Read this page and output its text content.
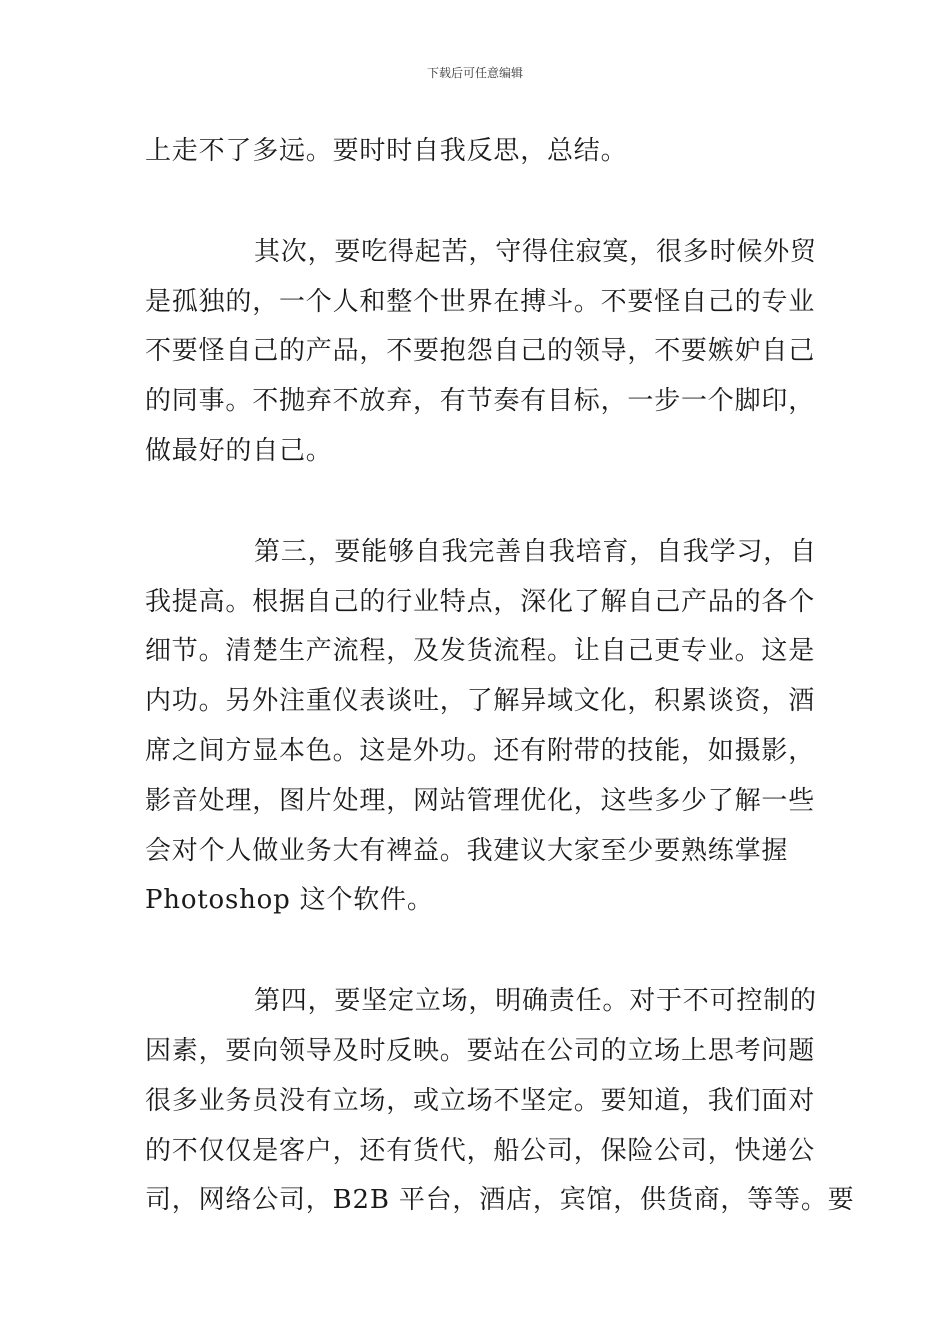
下载后可任意编辑

上走不了多远。要时时自我反思，总结。

其次，要吃得起苦，守得住寂寞，很多时候外贸
是孤独的，一个人和整个世界在搏斗。不要怪自己的专业
不要怪自己的产品，不要抱怨自己的领导，不要嫉妒自己
的同事。不抛弃不放弃，有节奏有目标，一步一个脚印，
做最好的自己。

第三，要能够自我完善自我培育，自我学习，自
我提高。根据自己的行业特点，深化了解自己产品的各个
细节。清楚生产流程，及发货流程。让自己更专业。这是
内功。另外注重仪表谈吐，了解异域文化，积累谈资，酒
席之间方显本色。这是外功。还有附带的技能，如摄影，
影音处理，图片处理，网站管理优化，这些多少了解一些
会对个人做业务大有裨益。我建议大家至少要熟练掌握
Photoshop 这个软件。

第四，要坚定立场，明确责任。对于不可控制的
因素，要向领导及时反映。要站在公司的立场上思考问题
很多业务员没有立场，或立场不坚定。要知道，我们面对
的不仅仅是客户，还有货代，船公司，保险公司，快递公
司，网络公司，B2B 平台，酒店，宾馆，供货商，等等。要
